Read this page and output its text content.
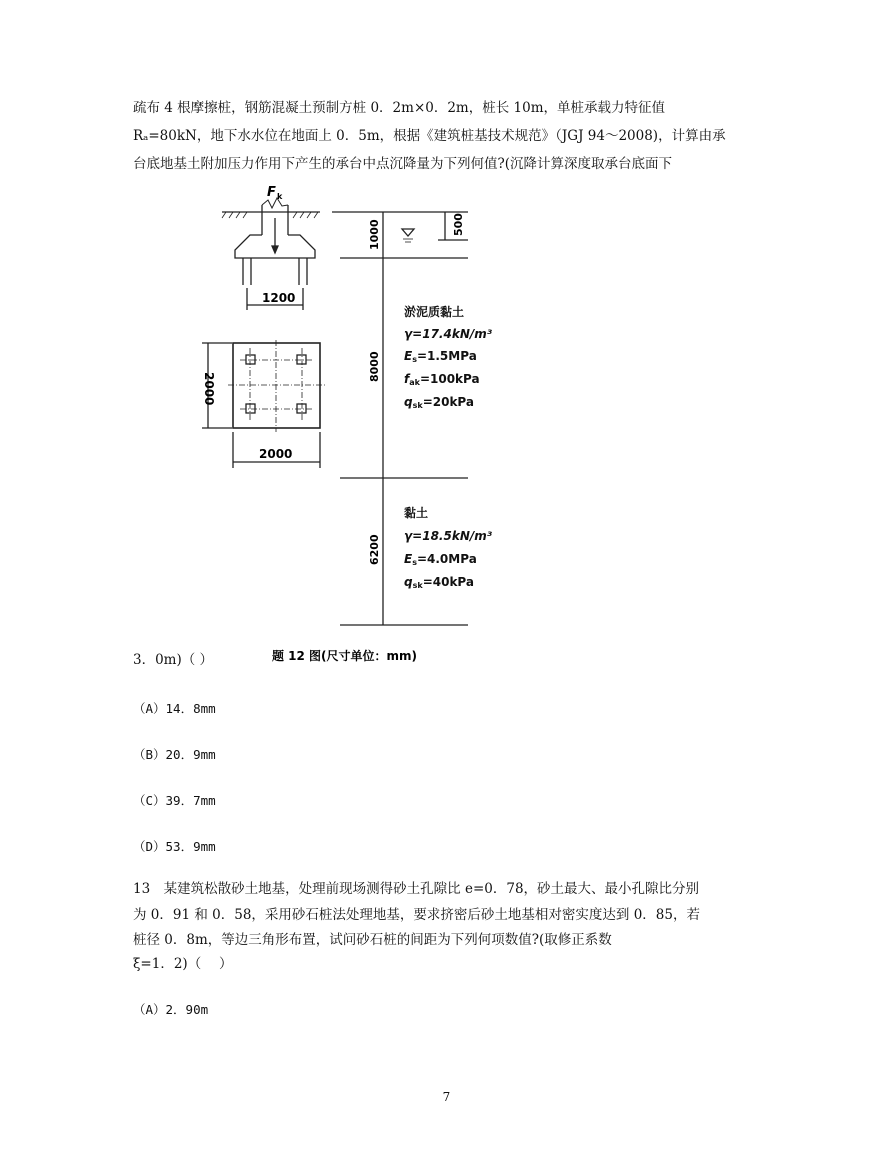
疏布 4 根摩擦桩，钢筋混凝土预制方桩 0．2m×0．2m，桩长 10m，单桩承载力特征值
Rₐ=80kN，地下水水位在地面上 0．5m，根据《建筑桩基技术规范》（JGJ 94～2008)，计算由承
台底地基土附加压力作用下产生的承台中点沉降量为下列何值?(沉降计算深度取承台底面下
F k
1200
2000
2000
1000	500
8000
6200
淤泥质黏土
γ=17.4kN/m³
Es=1.5MPa
fak=100kPa
qsk=20kPa
黏土
γ=18.5kN/m³
Es=4.0MPa
qsk=40kPa
题 12 图(尺寸单位：mm)
3．0m)（ ）
（A）14．8mm
（B）20．9mm
（C）39．7mm
（D）53．9mm
13　某建筑松散砂土地基，处理前现场测得砂土孔隙比 e=0．78，砂土最大、最小孔隙比分别
为 0．91 和 0．58，采用砂石桩法处理地基，要求挤密后砂土地基相对密实度达到 0．85，若
桩径 0．8m，等边三角形布置，试问砂石桩的间距为下列何项数值?(取修正系数
ξ=1．2)（　 ）
（A）2．90m
7
